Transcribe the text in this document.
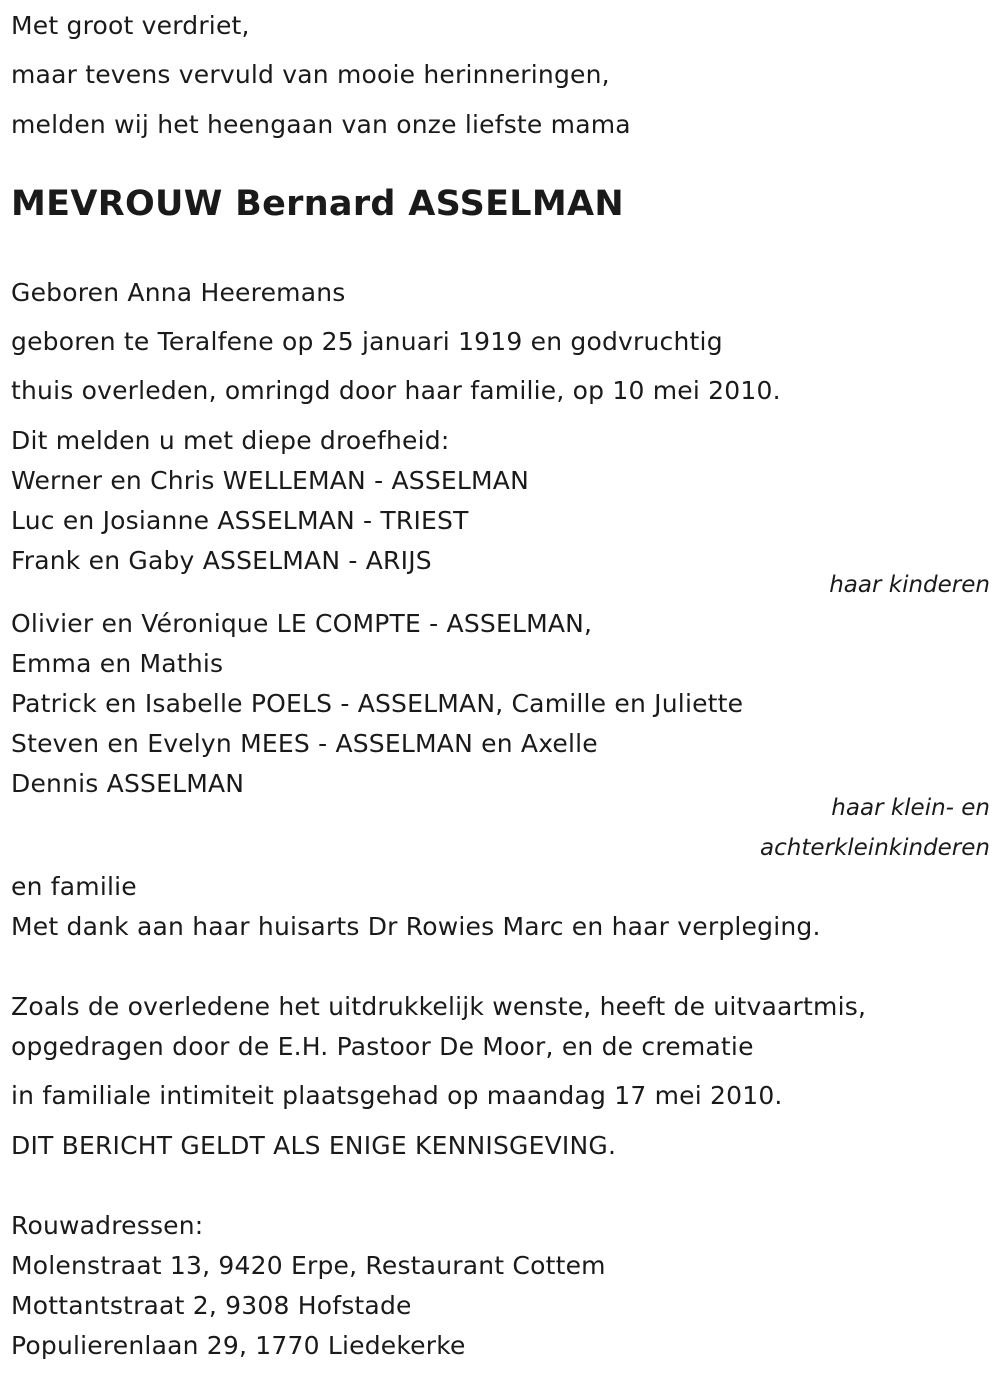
Met groot verdriet,
maar tevens vervuld van mooie herinneringen,
melden wij het heengaan van onze liefste mama
MEVROUW Bernard ASSELMAN
Geboren Anna Heeremans
geboren te Teralfene op 25 januari 1919 en godvruchtig
thuis overleden, omringd door haar familie, op 10 mei 2010.
Dit melden u met diepe droefheid:
Werner en Chris WELLEMAN - ASSELMAN
Luc en Josianne ASSELMAN - TRIEST
Frank en Gaby ASSELMAN - ARIJS
haar kinderen
Olivier en Véronique LE COMPTE - ASSELMAN,
Emma en Mathis
Patrick en Isabelle POELS - ASSELMAN, Camille en Juliette
Steven en Evelyn MEES - ASSELMAN en Axelle
Dennis ASSELMAN
haar klein- en
achterkleinkinderen
en familie
Met dank aan haar huisarts Dr Rowies Marc en haar verpleging.
Zoals de overledene het uitdrukkelijk wenste, heeft de uitvaartmis,
opgedragen door de E.H. Pastoor De Moor, en de crematie
in familiale intimiteit plaatsgehad op maandag 17 mei 2010.
DIT BERICHT GELDT ALS ENIGE KENNISGEVING.
Rouwadressen:
Molenstraat 13, 9420 Erpe, Restaurant Cottem
Mottantstraat 2, 9308 Hofstade
Populierenlaan 29, 1770 Liedekerke
